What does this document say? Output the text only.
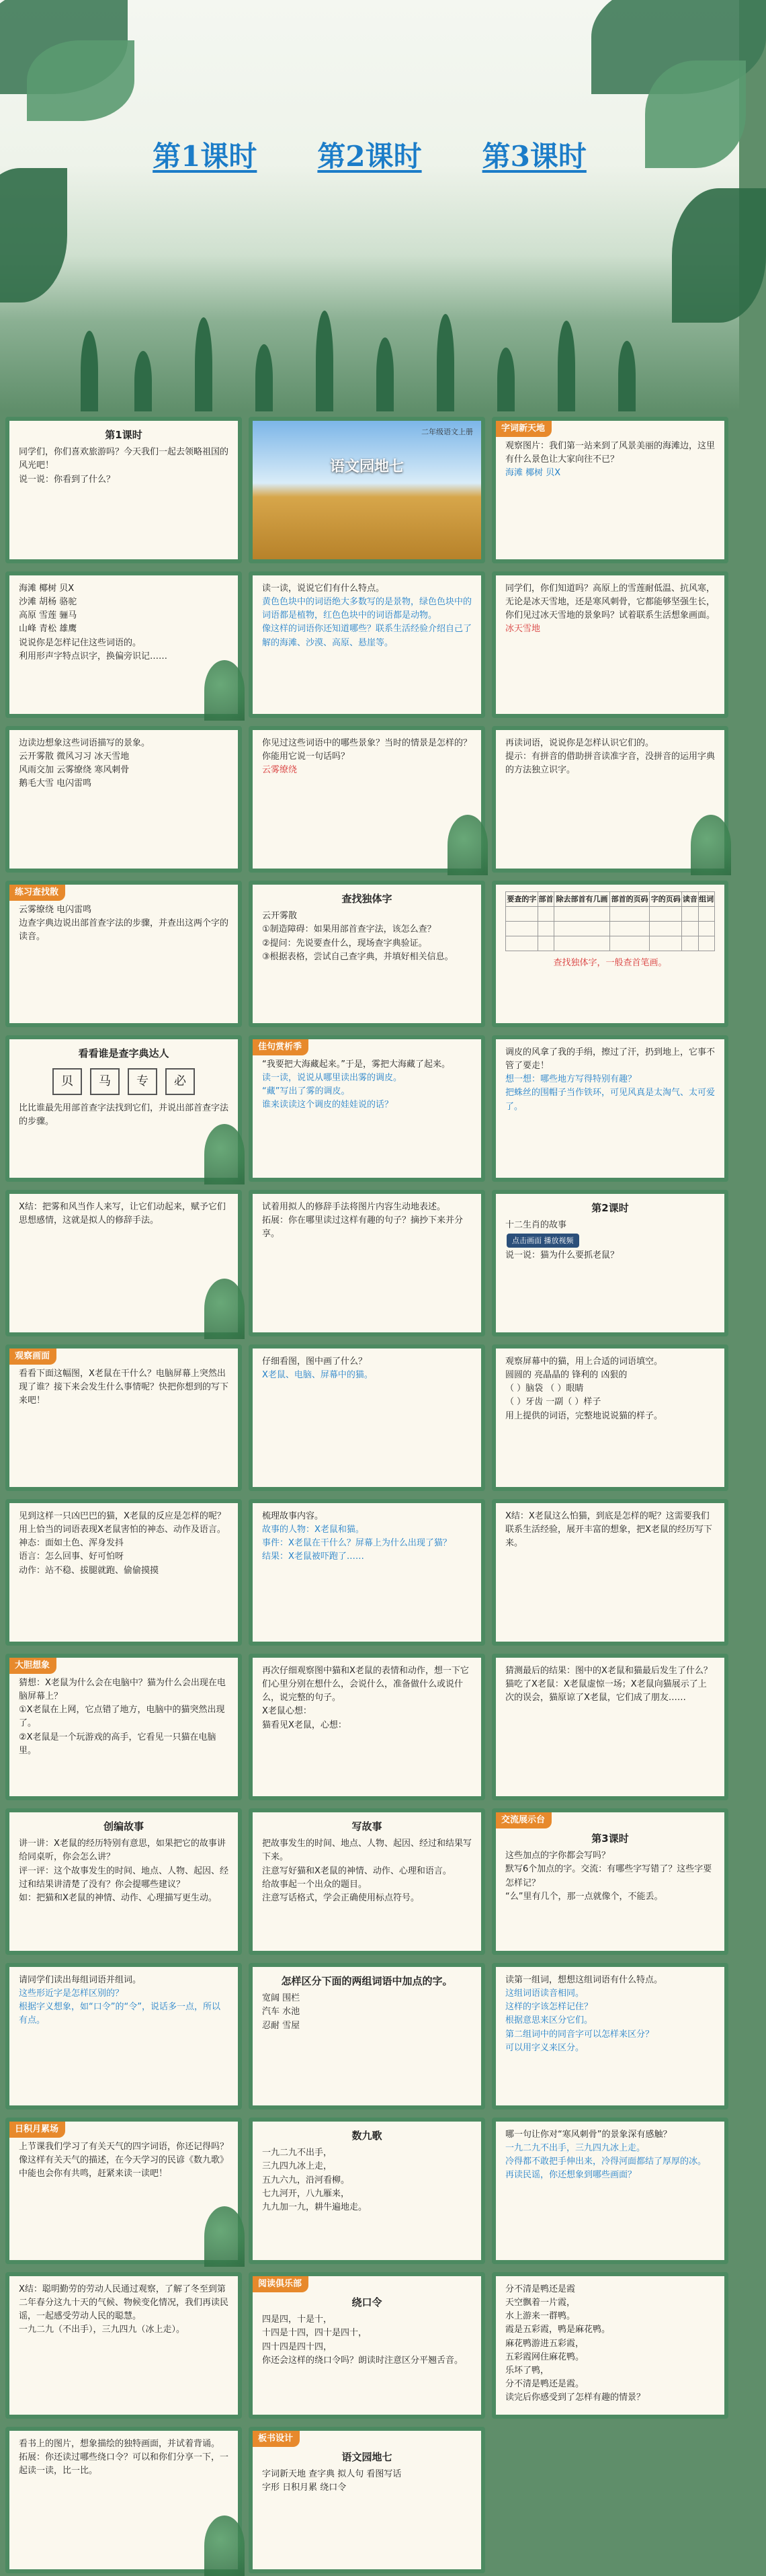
第1课时 第2课时 第3课时
第1课时
同学们，你们喜欢旅游吗？今天我们一起去领略祖国的风光吧！
说一说：你看到了什么？
二年级语文上册
语文园地七
字词新天地
观察图片：我们第一站来到了风景美丽的海滩边，这里有什么景色让大家向往不已？
海滩 椰树 贝X
海滩 椰树 贝X
沙滩 胡杨 骆驼
高原 雪莲 骊马
山峰 青松 雄鹰
说说你是怎样记住这些词语的。
利用形声字特点识字，换偏旁识记……
读一读，说说它们有什么特点。
黄色色块中的词语绝大多数写的是景物，绿色色块中的词语都是植物，红色色块中的词语都是动物。
像这样的词语你还知道哪些？联系生活经验介绍自己了解的海滩、沙漠、高原、悬崖等。
同学们，你们知道吗？高原上的雪莲耐低温、抗风寒，无论是冰天雪地，还是寒风刺骨，它都能够坚强生长，你们见过冰天雪地的景象吗？试着联系生活想象画面。
冰天雪地
边读边想象这些词语描写的景象。
云开雾散 微风习习 冰天雪地
风雨交加 云雾缭绕 寒风刺骨
鹅毛大雪 电闪雷鸣
你见过这些词语中的哪些景象？当时的情景是怎样的？你能用它说一句话吗？
云雾缭绕
再读词语，说说你是怎样认识它们的。
提示：有拼音的借助拼音读准字音，没拼音的运用字典的方法独立识字。
练习查找散
云雾缭绕 电闪雷鸣
边查字典边说出部首查字法的步骤，并查出这两个字的读音。
查找独体字
云开雾散
①制造障碍：如果用部首查字法，该怎么查？
②提问：先说要查什么，现场查字典验证。
③根据表格，尝试自己查字典，并填好相关信息。
要查的字	部首	除去部首有几画	部首的页码	字的页码	读音	组词

查找独体字，一般查首笔画。
看看谁是查字典达人
贝 马 专 必
比比谁最先用部首查字法找到它们，并说出部首查字法的步骤。
佳句赏析季
“我要把大海藏起来。”于是，雾把大海藏了起来。
读一读，说说从哪里读出雾的调皮。
“藏”写出了雾的调皮。
谁来读读这个调皮的娃娃说的话？
调皮的风拿了我的手绢，擦过了汗，扔到地上，它事不管了要走！
想一想：哪些地方写得特别有趣？
把蛛丝的围帽子当作铁环，可见风真是太淘气、太可爱了。
X结：把雾和风当作人来写，让它们动起来，赋予它们思想感情，这就是拟人的修辞手法。
试着用拟人的修辞手法将图片内容生动地表述。
拓展：你在哪里读过这样有趣的句子？摘抄下来并分享。
第2课时
十二生肖的故事
点击画面 播放视频
说一说：猫为什么要抓老鼠？
观察画面
看看下面这幅图，X老鼠在干什么？电脑屏幕上突然出现了谁？接下来会发生什么事情呢？快把你想到的写下来吧！
仔细看图，图中画了什么？
X老鼠、电脑、屏幕中的猫。
观察屏幕中的猫，用上合适的词语填空。
圆圆的 亮晶晶的 锋利的 凶狠的
（ ）脑袋 （ ）眼睛
（ ）牙齿 一副（ ）样子
用上提供的词语，完整地说说猫的样子。
见到这样一只凶巴巴的猫，X老鼠的反应是怎样的呢？用上恰当的词语表现X老鼠害怕的神态、动作及语言。
神态：面如土色、浑身发抖
语言：怎么回事、好可怕呀
动作：站不稳、拔腿就跑、偷偷摸摸
梳理故事内容。
故事的人物：X老鼠和猫。
事件：X老鼠在干什么？屏幕上为什么出现了猫？
结果：X老鼠被吓跑了……
X结：X老鼠这么怕猫，到底是怎样的呢？这需要我们联系生活经验，展开丰富的想象，把X老鼠的经历写下来。
大胆想象
猜想：X老鼠为什么会在电脑中？猫为什么会出现在电脑屏幕上？
①X老鼠在上网，它点错了地方，电脑中的猫突然出现了。
②X老鼠是一个玩游戏的高手，它看见一只猫在电脑里。
再次仔细观察图中猫和X老鼠的表情和动作，想一下它们心里分别在想什么，会说什么，准备做什么或说什么，说完整的句子。
X老鼠心想：
猫看见X老鼠，心想：
猜测最后的结果：图中的X老鼠和猫最后发生了什么？
猫吃了X老鼠：X老鼠虚惊一场；X老鼠向猫展示了上次的误会，猫原谅了X老鼠，它们成了朋友……
创编故事
讲一讲：X老鼠的经历特别有意思，如果把它的故事讲给同桌听，你会怎么讲？
评一评：这个故事发生的时间、地点、人物、起因、经过和结果讲清楚了没有？你会提哪些建议？
如：把猫和X老鼠的神情、动作、心理描写更生动。
写故事
把故事发生的时间、地点、人物、起因、经过和结果写下来。
注意写好猫和X老鼠的神情、动作、心理和语言。
给故事起一个出众的题目。
注意写话格式，学会正确使用标点符号。
交流展示台
第3课时
这些加点的字你都会写吗？
默写6个加点的字。交流：有哪些字写错了？这些字要怎样记？
“么”里有几个，那一点就像个，不能丢。
请同学们读出每组词语并组词。
这些形近字是怎样区别的？
根据字义想象，如“口令”的“令”，说话多一点，所以有点。
怎样区分下面的两组词语中加点的字。
宽阔 围栏
汽车 水池
忍耐 雪屋
读第一组词，想想这组词语有什么特点。
这组词语读音相同。
这样的字该怎样记住？
根据意思来区分它们。
第二组词中的同音字可以怎样来区分？
可以用字义来区分。
日积月累场
上节课我们学习了有关天气的四字词语，你还记得吗？像这样有关天气的描述，在今天学习的民谚《数九歌》中能也会你有共鸣，赶紧来读一读吧！
数九歌
一九二九不出手，
三九四九冰上走，
五九六九，沿河看柳。
七九河开，八九雁来，
九九加一九，耕牛遍地走。
哪一句让你对“寒风刺骨”的景象深有感触？
一九二九不出手，三九四九冰上走。
冷得都不敢把手伸出来，冷得河面都结了厚厚的冰。
再读民谣，你还想象到哪些画面？
X结：聪明勤劳的劳动人民通过观察，了解了冬至到第二年春分这九十天的气候、物候变化情况，我们再读民谣，一起感受劳动人民的聪慧。
一九二九（不出手），三九四九（冰上走）。
阅读俱乐部
绕口令
四是四，十是十，
十四是十四，四十是四十，
四十四是四十四，
你还会这样的绕口令吗？朗读时注意区分平翘舌音。
分不清是鸭还是霞
天空飘着一片霞，
水上游来一群鸭。
霞是五彩霞，鸭是麻花鸭。
麻花鸭游进五彩霞，
五彩霞网住麻花鸭。
乐坏了鸭，
分不清是鸭还是霞。
读完后你感受到了怎样有趣的情景？
看书上的图片，想象描绘的独特画面，并试着背诵。
拓展：你还读过哪些绕口令？可以和你们分享一下，一起读一读，比一比。
板书设计
语文园地七
字词新天地 查字典 拟人句 看图写话
字形 日积月累 绕口令
